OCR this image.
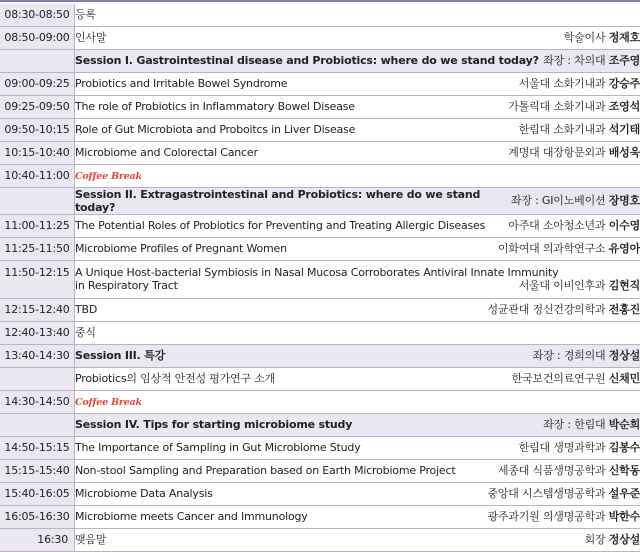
08:30-08:50	등록
08:50-09:00	인사말 학술이사 정재호

	Session I. Gastrointestinal disease and Probiotics: where do we stand today? 좌장 : 차의대 조주영

09:00-09:25	Probiotics and Irritable Bowel Syndrome 서울대 소화기내과 강승주

09:25-09:50	The role of Probiotics in Inflammatory Bowel Disease 가톨릭대 소화기내과 조영석

09:50-10:15	Role of Gut Microbiota and Proboitcs in Liver Disease 한림대 소화기내과 석기태

10:15-10:40	Microbiome and Colorectal Cancer 계명대 대장항문외과 배성욱

10:40-11:00	Coffee Break

	Session II. Extragastrointestinal and Probiotics: where do we stand today? 좌장 : GI이노베이션 장명호

11:00-11:25	The Potential Roles of Probiotics for Preventing and Treating Allergic Diseases 아주대 소아청소년과 이수영

11:25-11:50	Microbiome Profiles of Pregnant Women 이화여대 의과학연구소 유영아

11:50-12:15	A Unique Host-bacterial Symbiosis in Nasal Mucosa Corroborates Antiviral Innate Immunity
in Respiratory Tract 서울대 이비인후과 김현직

12:15-12:40	TBD 성균관대 정신건강의학과 전홍진

12:40-13:40	중식
13:40-14:30	Session III. 특강 좌장 : 경희의대 정상설

	Probiotics의 임상적 안전성 평가연구 소개 한국보건의료연구원 신채민

14:30-14:50	Coffee Break

	Session IV. Tips for starting microbiome study 좌장 : 한림대 박순희

14:50-15:15	The Importance of Sampling in Gut Microbiome Study 한림대 생명과학과 김봉수

15:15-15:40	Non-stool Sampling and Preparation based on Earth Microbiome Project 세종대 식품생명공학과 신학동

15:40-16:05	Microbiome Data Analysis 중앙대 시스템생명공학과 설우준

16:05-16:30	Microbiome meets Cancer and Immunology 광주과기원 의생명공학과 박한수

16:30	맺음말 회장 정상설
